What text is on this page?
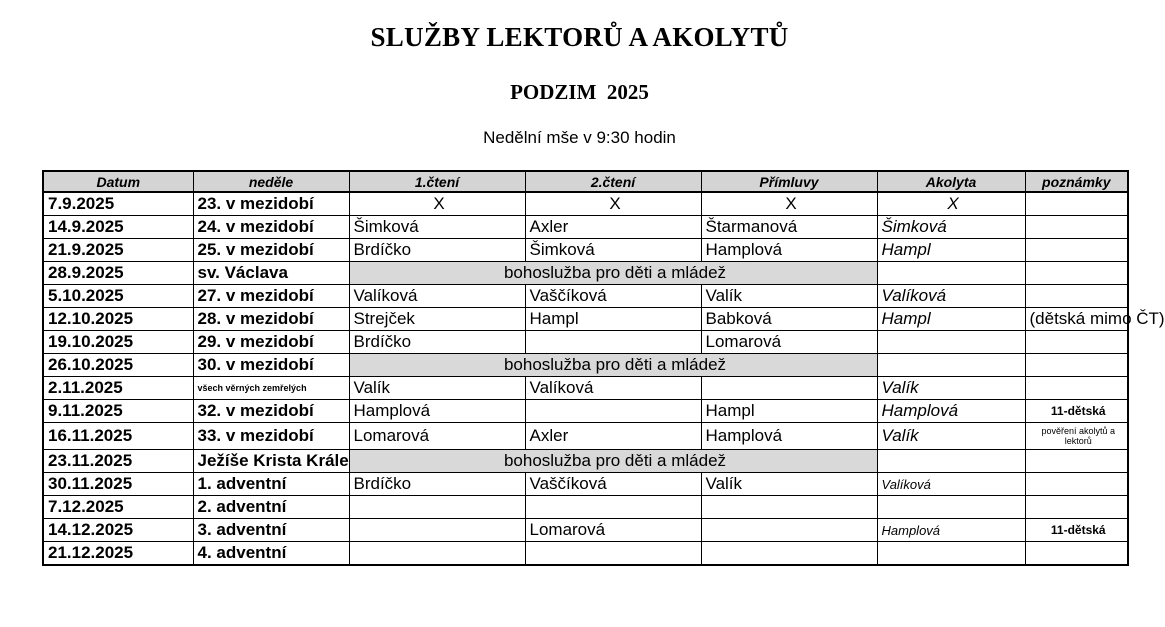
SLUŽBY LEKTORŮ A AKOLYTŮ
PODZIM  2025
Nedělní mše v 9:30 hodin
Datum	neděle	1.čtení	2.čtení	Přímluvy	Akolyta	poznámky
7.9.2025	23. v mezidobí	X	X	X	X	
14.9.2025	24. v mezidobí	Šimková	Axler	Štarmanová	Šimková	
21.9.2025	25. v mezidobí	Brdíčko	Šimková	Hamplová	Hampl	
28.9.2025	sv. Václava	bohoslužba pro děti a mládež				
5.10.2025	27. v mezidobí	Valíková	Vaščíková	Valík	Valíková	
12.10.2025	28. v mezidobí	Strejček	Hampl	Babková	Hampl	(dětská mimo ČT)
19.10.2025	29. v mezidobí	Brdíčko		Lomarová		
26.10.2025	30. v mezidobí	bohoslužba pro děti a mládež				
2.11.2025	všech věrných zemřelých	Valík	Valíková		Valík	
9.11.2025	32. v mezidobí	Hamplová		Hampl	Hamplová	11-dětská
16.11.2025	33. v mezidobí	Lomarová	Axler	Hamplová	Valík	pověření akolytů a lektorů
23.11.2025	Ježíše Krista Krále	bohoslužba pro děti a mládež				
30.11.2025	1. adventní	Brdíčko	Vaščíková	Valík	Valíková	
7.12.2025	2. adventní					
14.12.2025	3. adventní		Lomarová		Hamplová	11-dětská
21.12.2025	4. adventní					
